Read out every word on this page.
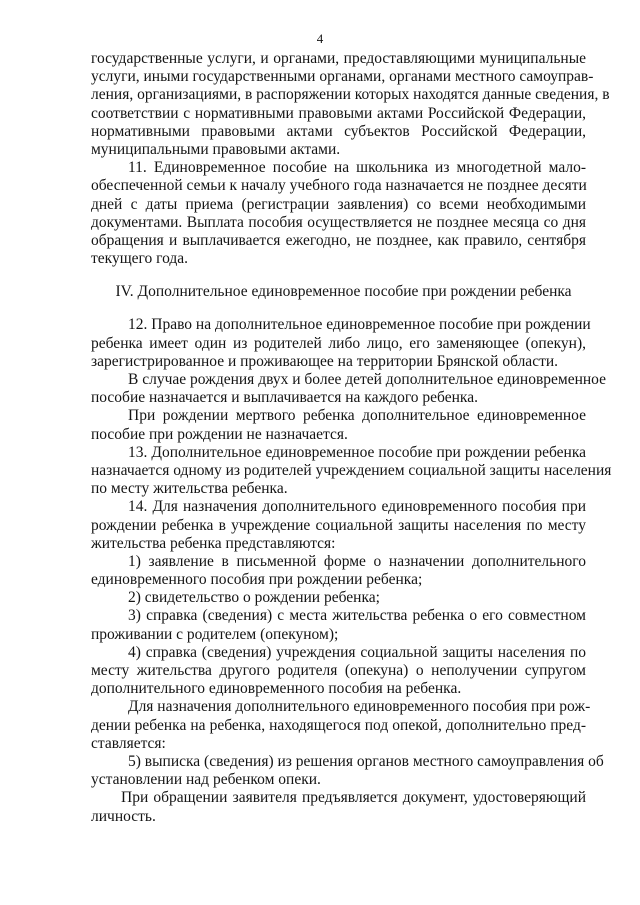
4
государственные услуги, и органами, предоставляющими муниципальные
услуги, иными государственными органами, органами местного самоуправ-
ления, организациями, в распоряжении которых находятся данные сведения, в
соответствии с нормативными правовыми актами Российской Федерации,
нормативными правовыми актами субъектов Российской Федерации,
муниципальными правовыми актами.
11. Единовременное пособие на школьника из многодетной мало-
обеспеченной семьи к началу учебного года назначается не позднее десяти
дней с даты приема (регистрации заявления) со всеми необходимыми
документами. Выплата пособия осуществляется не позднее месяца со дня
обращения и выплачивается ежегодно, не позднее, как правило, сентября
текущего года.
IV. Дополнительное единовременное пособие при рождении ребенка
12. Право на дополнительное единовременное пособие при рождении
ребенка имеет один из родителей либо лицо, его заменяющее (опекун),
зарегистрированное и проживающее на территории Брянской области.
В случае рождения двух и более детей дополнительное единовременное
пособие назначается и выплачивается на каждого ребенка.
При рождении мертвого ребенка дополнительное единовременное
пособие при рождении не назначается.
13. Дополнительное единовременное пособие при рождении ребенка
назначается одному из родителей учреждением социальной защиты населения
по месту жительства ребенка.
14. Для назначения дополнительного единовременного пособия при
рождении ребенка в учреждение социальной защиты населения по месту
жительства ребенка представляются:
1) заявление в письменной форме о назначении дополнительного
единовременного пособия при рождении ребенка;
2) свидетельство о рождении ребенка;
3) справка (сведения) с места жительства ребенка о его совместном
проживании с родителем (опекуном);
4) справка (сведения) учреждения социальной защиты населения по
месту жительства другого родителя (опекуна) о неполучении супругом
дополнительного единовременного пособия на ребенка.
Для назначения дополнительного единовременного пособия при рож-
дении ребенка на ребенка, находящегося под опекой, дополнительно пред-
ставляется:
5) выписка (сведения) из решения органов местного самоуправления об
установлении над ребенком опеки.
При обращении заявителя предъявляется документ, удостоверяющий
личность.
